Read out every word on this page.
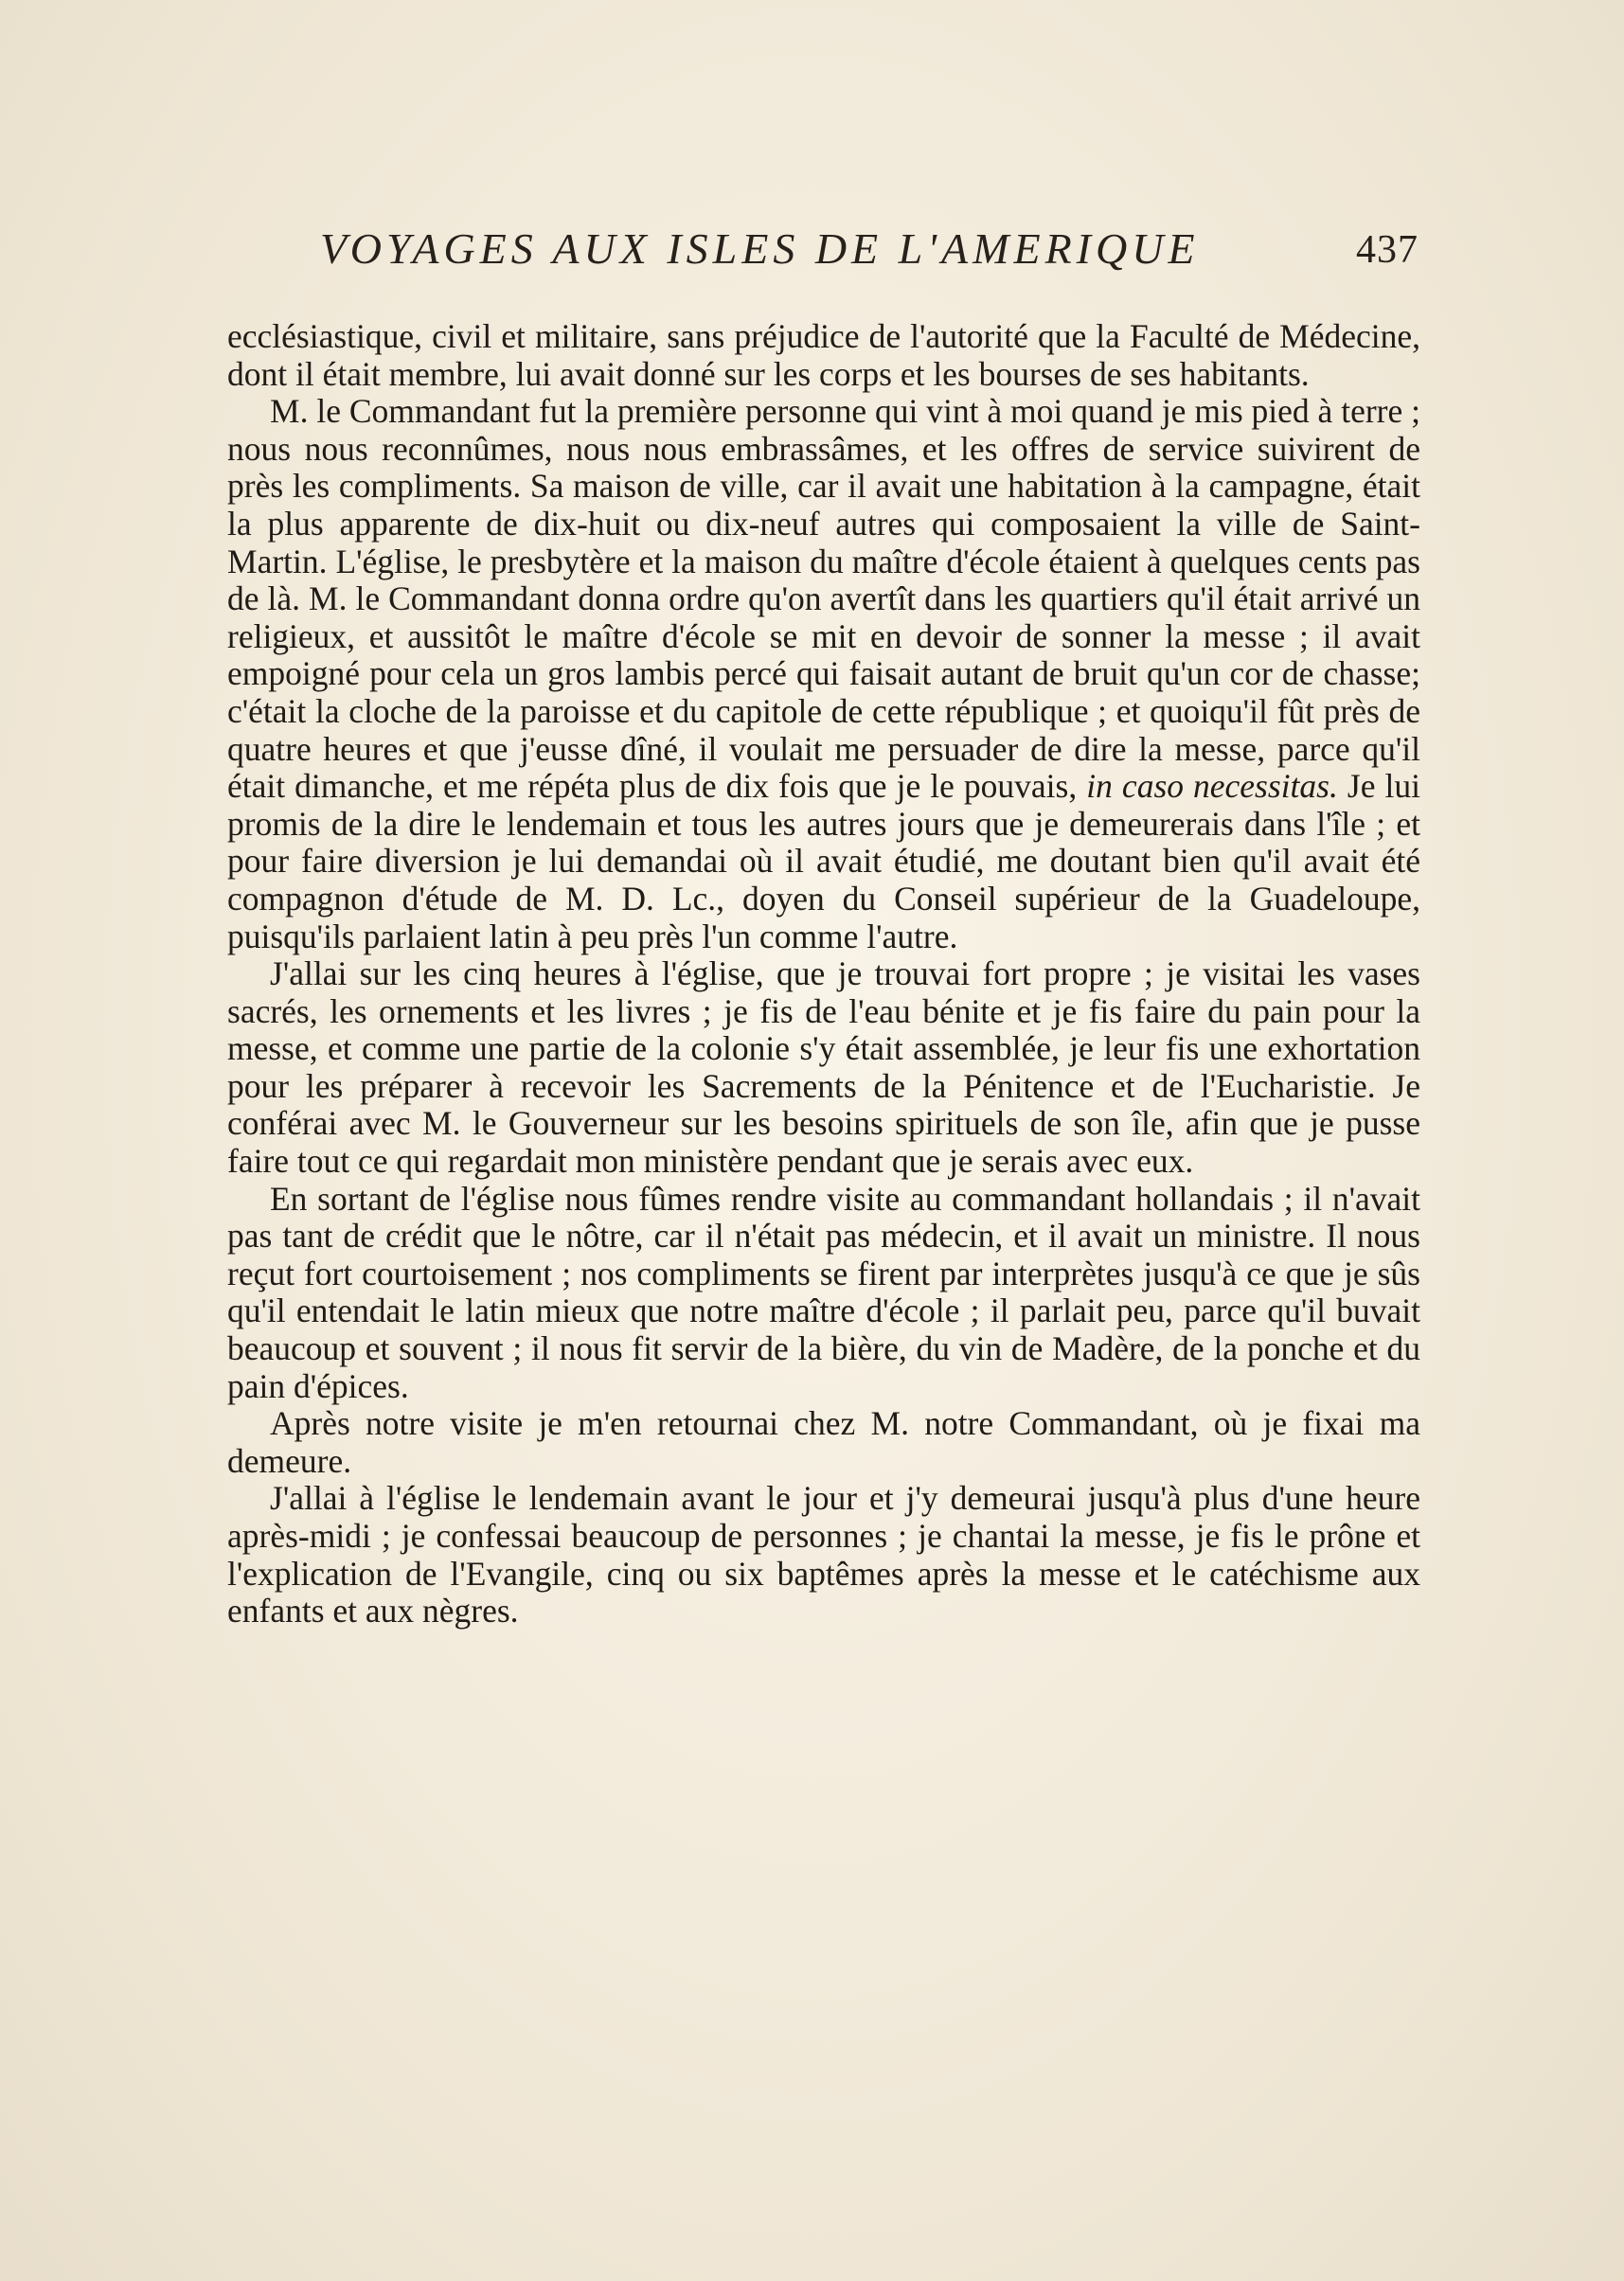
VOYAGES AUX ISLES DE L'AMERIQUE	437

ecclésiastique, civil et militaire, sans préjudice de l'autorité que la Faculté de Médecine, dont il était membre, lui avait donné sur les corps et les bourses de ses habitants.

M. le Commandant fut la première personne qui vint à moi quand je mis pied à terre ; nous nous reconnûmes, nous nous embrassâmes, et les offres de service suivirent de près les compliments. Sa maison de ville, car il avait une habitation à la campagne, était la plus apparente de dix-huit ou dix-neuf autres qui composaient la ville de Saint-Martin. L'église, le presbytère et la maison du maître d'école étaient à quelques cents pas de là. M. le Commandant donna ordre qu'on avertît dans les quartiers qu'il était arrivé un religieux, et aussitôt le maître d'école se mit en devoir de sonner la messe ; il avait empoigné pour cela un gros lambis percé qui faisait autant de bruit qu'un cor de chasse; c'était la cloche de la paroisse et du capitole de cette république ; et quoiqu'il fût près de quatre heures et que j'eusse dîné, il voulait me persuader de dire la messe, parce qu'il était dimanche, et me répéta plus de dix fois que je le pouvais, in caso necessitas. Je lui promis de la dire le lendemain et tous les autres jours que je demeurerais dans l'île ; et pour faire diversion je lui demandai où il avait étudié, me doutant bien qu'il avait été compagnon d'étude de M. D. Lc., doyen du Conseil supérieur de la Guadeloupe, puisqu'ils parlaient latin à peu près l'un comme l'autre.

J'allai sur les cinq heures à l'église, que je trouvai fort propre ; je visitai les vases sacrés, les ornements et les livres ; je fis de l'eau bénite et je fis faire du pain pour la messe, et comme une partie de la colonie s'y était assemblée, je leur fis une exhortation pour les préparer à recevoir les Sacrements de la Pénitence et de l'Eucharistie. Je conférai avec M. le Gouverneur sur les besoins spirituels de son île, afin que je pusse faire tout ce qui regardait mon ministère pendant que je serais avec eux.

En sortant de l'église nous fûmes rendre visite au commandant hollandais ; il n'avait pas tant de crédit que le nôtre, car il n'était pas médecin, et il avait un ministre. Il nous reçut fort courtoisement ; nos compliments se firent par interprètes jusqu'à ce que je sûs qu'il entendait le latin mieux que notre maître d'école ; il parlait peu, parce qu'il buvait beaucoup et souvent ; il nous fit servir de la bière, du vin de Madère, de la ponche et du pain d'épices.

Après notre visite je m'en retournai chez M. notre Commandant, où je fixai ma demeure.

J'allai à l'église le lendemain avant le jour et j'y demeurai jusqu'à plus d'une heure après-midi ; je confessai beaucoup de personnes ; je chantai la messe, je fis le prône et l'explication de l'Evangile, cinq ou six baptêmes après la messe et le catéchisme aux enfants et aux nègres.
